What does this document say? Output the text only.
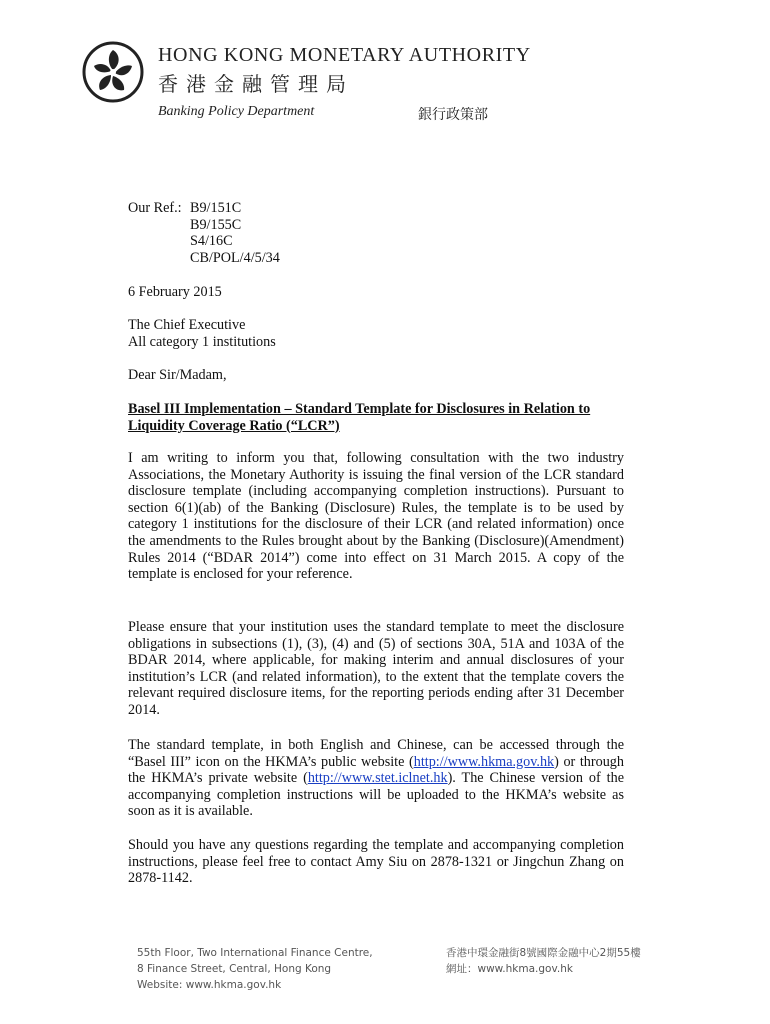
HONG KONG MONETARY AUTHORITY
香港金融管理局
Banking Policy Department	銀行政策部
Our Ref.: B9/151C
B9/155C
S4/16C
CB/POL/4/5/34
6 February 2015
The Chief Executive
All category 1 institutions
Dear Sir/Madam,
Basel III Implementation – Standard Template for Disclosures in Relation to Liquidity Coverage Ratio (“LCR”)
I am writing to inform you that, following consultation with the two industry Associations, the Monetary Authority is issuing the final version of the LCR standard disclosure template (including accompanying completion instructions). Pursuant to section 6(1)(ab) of the Banking (Disclosure) Rules, the template is to be used by category 1 institutions for the disclosure of their LCR (and related information) once the amendments to the Rules brought about by the Banking (Disclosure)(Amendment) Rules 2014 (“BDAR 2014”) come into effect on 31 March 2015. A copy of the template is enclosed for your reference.
Please ensure that your institution uses the standard template to meet the disclosure obligations in subsections (1), (3), (4) and (5) of sections 30A, 51A and 103A of the BDAR 2014, where applicable, for making interim and annual disclosures of your institution’s LCR (and related information), to the extent that the template covers the relevant required disclosure items, for the reporting periods ending after 31 December 2014.
The standard template, in both English and Chinese, can be accessed through the “Basel III” icon on the HKMA’s public website (http://www.hkma.gov.hk) or through the HKMA’s private website (http://www.stet.iclnet.hk). The Chinese version of the accompanying completion instructions will be uploaded to the HKMA’s website as soon as it is available.
Should you have any questions regarding the template and accompanying completion instructions, please feel free to contact Amy Siu on 2878-1321 or Jingchun Zhang on 2878-1142.
55th Floor, Two International Finance Centre,
8 Finance Street, Central, Hong Kong
Website: www.hkma.gov.hk
香港中環金融街8號國際金融中心2期55樓
網址：www.hkma.gov.hk
